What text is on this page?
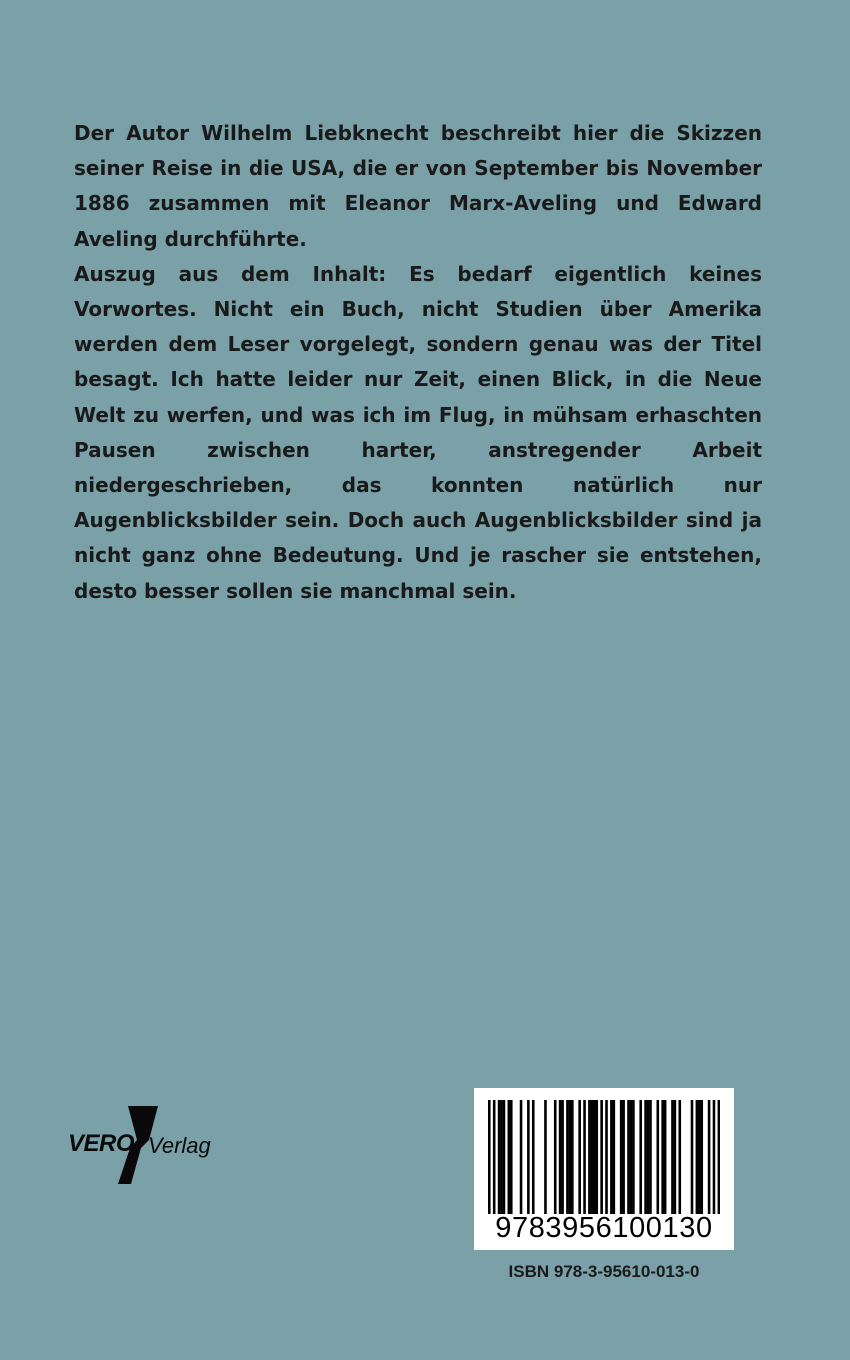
Der Autor Wilhelm Liebknecht beschreibt hier die Skizzen seiner Reise in die USA, die er von September bis November 1886 zusammen mit Eleanor Marx-Aveling und Edward Aveling durchführte.

Auszug aus dem Inhalt: Es bedarf eigentlich keines Vorwortes. Nicht ein Buch, nicht Studien über Amerika werden dem Leser vorgelegt, sondern genau was der Titel besagt. Ich hatte leider nur Zeit, einen Blick, in die Neue Welt zu werfen, und was ich im Flug, in mühsam erhaschten Pausen zwischen harter, anstregender Arbeit niedergeschrieben, das konnten natürlich nur Augenblicksbilder sein. Doch auch Augenblicksbilder sind ja nicht ganz ohne Bedeutung. Und je rascher sie entstehen, desto besser sollen sie manchmal sein.

VERO Verlag
9783956100130
ISBN 978-3-95610-013-0
